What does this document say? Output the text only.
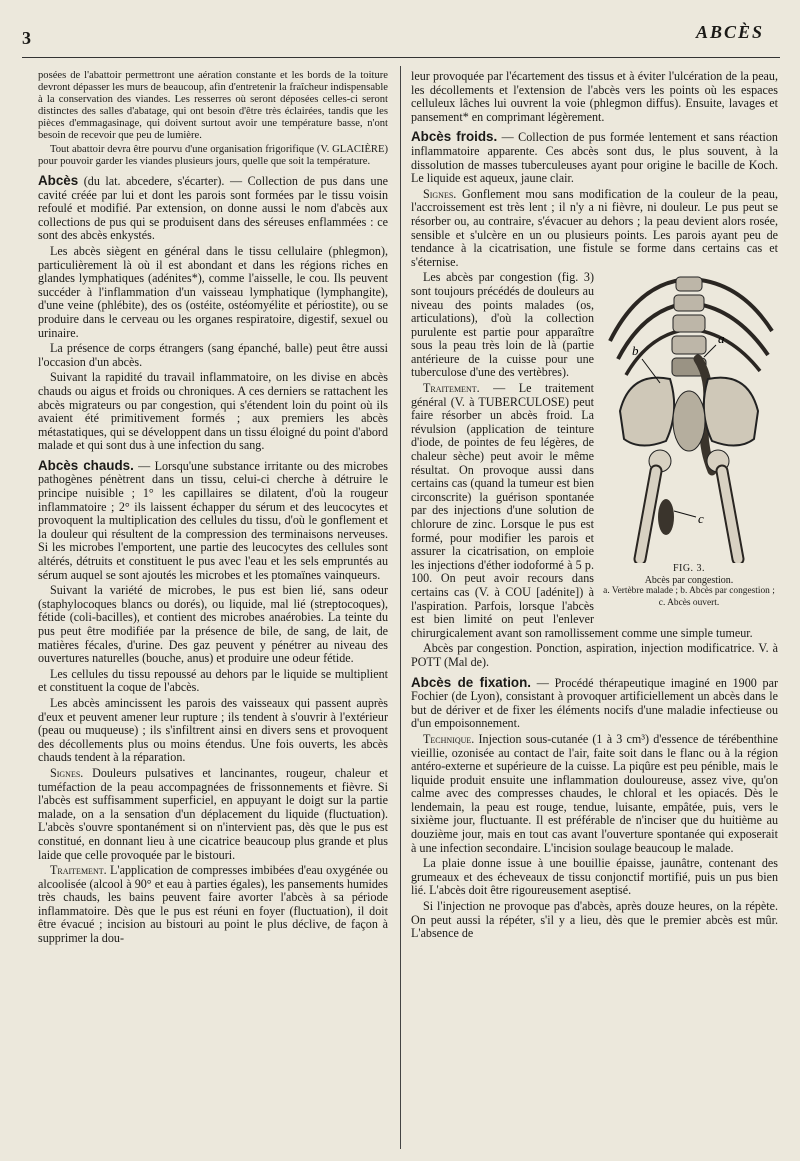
3	ABCÈS

posées de l'abattoir permettront une aération constante et les bords de la toiture devront dépasser les murs de beaucoup, afin d'entretenir la fraîcheur indispensable à la conservation des viandes. Les resserres où seront déposées celles-ci seront distinctes des salles d'abatage, qui ont besoin d'être très éclairées, tandis que les pièces d'emmagasinage, qui doivent surtout avoir une température basse, n'ont besoin de recevoir que peu de lumière.

Tout abattoir devra être pourvu d'une organisation frigorifique (V. GLACIÈRE) pour pouvoir garder les viandes plusieurs jours, quelle que soit la température.

Abcès (du lat. abcedere, s'écarter). — Collection de pus dans une cavité créée par lui et dont les parois sont formées par le tissu voisin refoulé et modifié. Par extension, on donne aussi le nom d'abcès aux collections de pus qui se produisent dans des séreuses enflammées : ce sont des abcès enkystés.

Les abcès siègent en général dans le tissu cellulaire (phlegmon), particulièrement là où il est abondant et dans les régions riches en glandes lymphatiques (adénites*), comme l'aisselle, le cou. Ils peuvent succéder à l'inflammation d'un vaisseau lymphatique (lymphangite), d'une veine (phlébite), des os (ostéite, ostéomyélite et périostite), ou se produire dans le cerveau ou les organes respiratoire, digestif, sexuel ou urinaire.

La présence de corps étrangers (sang épanché, balle) peut être aussi l'occasion d'un abcès.

Suivant la rapidité du travail inflammatoire, on les divise en abcès chauds ou aigus et froids ou chroniques. A ces derniers se rattachent les abcès migrateurs ou par congestion, qui s'étendent loin du point où ils avaient été primitivement formés ; aux premiers les abcès métastatiques, qui se développent dans un tissu éloigné du point d'abord malade et qui sont dus à une infection du sang.

Abcès chauds. — Lorsqu'une substance irritante ou des microbes pathogènes pénètrent dans un tissu, celui-ci cherche à détruire le principe nuisible ; 1° les capillaires se dilatent, d'où la rougeur inflammatoire ; 2° ils laissent échapper du sérum et des leucocytes et provoquent la multiplication des cellules du tissu, d'où le gonflement et la douleur qui résultent de la compression des terminaisons nerveuses. Si les microbes l'emportent, une partie des leucocytes des cellules sont altérés, détruits et constituent le pus avec l'eau et les sels empruntés au sérum auquel se sont ajoutés les microbes et les ptomaïnes vainqueurs.

Suivant la variété de microbes, le pus est bien lié, sans odeur (staphylocoques blancs ou dorés), ou liquide, mal lié (streptocoques), fétide (coli-bacilles), et contient des microbes anaérobies. La teinte du pus peut être modifiée par la présence de bile, de sang, de lait, de matières fécales, d'urine. Des gaz peuvent y pénétrer au niveau des ouvertures naturelles (bouche, anus) et produire une odeur fétide.

Les cellules du tissu repoussé au dehors par le liquide se multiplient et constituent la coque de l'abcès.

Les abcès amincissent les parois des vaisseaux qui passent auprès d'eux et peuvent amener leur rupture ; ils tendent à s'ouvrir à l'extérieur (peau ou muqueuse) ; ils s'infiltrent ainsi en divers sens et provoquent des décollements plus ou moins étendus. Une fois ouverts, les abcès chauds tendent à la réparation.

Signes. Douleurs pulsatives et lancinantes, rougeur, chaleur et tuméfaction de la peau accompagnées de frissonnements et fièvre. Si l'abcès est suffisamment superficiel, en appuyant le doigt sur la partie malade, on a la sensation d'un déplacement du liquide (fluctuation). L'abcès s'ouvre spontanément si on n'intervient pas, dès que le pus est constitué, en donnant lieu à une cicatrice beaucoup plus grande et plus laide que celle provoquée par le bistouri.

Traitement. L'application de compresses imbibées d'eau oxygénée ou alcoolisée (alcool à 90° et eau à parties égales), les pansements humides très chauds, les bains peuvent faire avorter l'abcès à sa période inflammatoire. Dès que le pus est réuni en foyer (fluctuation), il doit être évacué ; incision au bistouri au point le plus déclive, de façon à supprimer la dou-

leur provoquée par l'écartement des tissus et à éviter l'ulcération de la peau, les décollements et l'extension de l'abcès vers les points où les espaces celluleux lâches lui ouvrent la voie (phlegmon diffus). Ensuite, lavages et pansement* en comprimant légèrement.

Abcès froids. — Collection de pus formée lentement et sans réaction inflammatoire apparente. Ces abcès sont dus, le plus souvent, à la dissolution de masses tuberculeuses ayant pour origine le bacille de Koch. Le liquide est aqueux, jaune clair.

Signes. Gonflement mou sans modification de la couleur de la peau, l'accroissement est très lent ; il n'y a ni fièvre, ni douleur. Le pus peut se résorber ou, au contraire, s'évacuer au dehors ; la peau devient alors rosée, sensible et s'ulcère en un ou plusieurs points. Les parois ayant peu de tendance à la cicatrisation, une fistule se forme dans certains cas et s'éternise.

a
b
c
FIG. 3.
Abcès par congestion.
a. Vertèbre malade ; b. Abcès par congestion ; c. Abcès ouvert.

Les abcès par congestion (fig. 3) sont toujours précédés de douleurs au niveau des points malades (os, articulations), d'où la collection purulente est partie pour apparaître sous la peau très loin de là (partie antérieure de la cuisse pour une tuberculose d'une des vertèbres).

Traitement. — Le traitement général (V. à TUBERCULOSE) peut faire résorber un abcès froid. La révulsion (application de teinture d'iode, de pointes de feu légères, de chaleur sèche) peut avoir le même résultat. On provoque aussi dans certains cas (quand la tumeur est bien circonscrite) la guérison spontanée par des injections d'une solution de chlorure de zinc. Lorsque le pus est formé, pour modifier les parois et assurer la cicatrisation, on emploie les injections d'éther iodoformé à 5 p. 100. On peut avoir recours dans certains cas (V. à COU [adénite]) à l'aspiration. Parfois, lorsque l'abcès est bien limité on peut l'enlever chirurgicalement avant son ramollissement comme une simple tumeur.

Abcès par congestion. Ponction, aspiration, injection modificatrice. V. à POTT (Mal de).

Abcès de fixation. — Procédé thérapeutique imaginé en 1900 par Fochier (de Lyon), consistant à provoquer artificiellement un abcès dans le but de dériver et de fixer les éléments nocifs d'une maladie infectieuse ou d'un empoisonnement.

Technique. Injection sous-cutanée (1 à 3 cm³) d'essence de térébenthine vieillie, ozonisée au contact de l'air, faite soit dans le flanc ou à la région antéro-externe et supérieure de la cuisse. La piqûre est peu pénible, mais le liquide produit ensuite une inflammation douloureuse, assez vive, qu'on calme avec des compresses chaudes, le chloral et les opiacés. Dès le lendemain, la peau est rouge, tendue, luisante, empâtée, puis, vers le sixième jour, fluctuante. Il est préférable de n'inciser que du huitième au douzième jour, mais en tout cas avant l'ouverture spontanée qui exposerait à une infection secondaire. L'incision soulage beaucoup le malade.

La plaie donne issue à une bouillie épaisse, jaunâtre, contenant des grumeaux et des écheveaux de tissu conjonctif mortifié, puis un pus bien lié. L'abcès doit être rigoureusement aseptisé.

Si l'injection ne provoque pas d'abcès, après douze heures, on la répète. On peut aussi la répéter, s'il y a lieu, dès que le premier abcès est mûr. L'absence de
